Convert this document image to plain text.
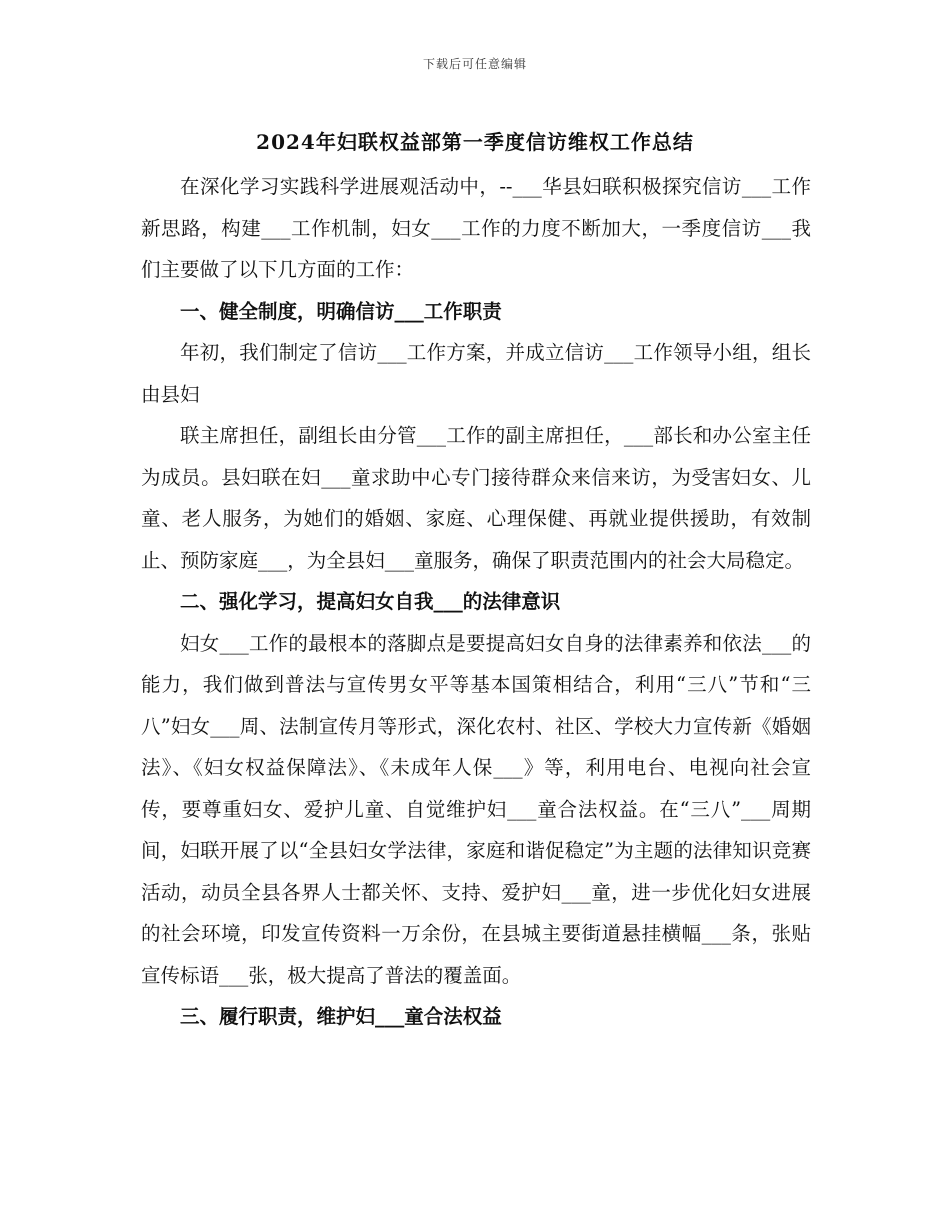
下载后可任意编辑
2024年妇联权益部第一季度信访维权工作总结

在深化学习实践科学进展观活动中，--___华县妇联积极探究信访___工作新思路，构建___工作机制，妇女___工作的力度不断加大，一季度信访___我们主要做了以下几方面的工作：

一、健全制度，明确信访___工作职责

年初，我们制定了信访___工作方案，并成立信访___工作领导小组，组长由县妇

联主席担任，副组长由分管___工作的副主席担任，___部长和办公室主任为成员。县妇联在妇___童求助中心专门接待群众来信来访，为受害妇女、儿童、老人服务，为她们的婚姻、家庭、心理保健、再就业提供援助，有效制止、预防家庭___，为全县妇___童服务，确保了职责范围内的社会大局稳定。

二、强化学习，提高妇女自我___的法律意识

妇女___工作的最根本的落脚点是要提高妇女自身的法律素养和依法___的能力，我们做到普法与宣传男女平等基本国策相结合，利用“三八”节和“三八”妇女___周、法制宣传月等形式，深化农村、社区、学校大力宣传新《婚姻法》、《妇女权益保障法》、《未成年人保___》等，利用电台、电视向社会宣传，要尊重妇女、爱护儿童、自觉维护妇___童合法权益。在“三八”___周期间，妇联开展了以“全县妇女学法律，家庭和谐促稳定”为主题的法律知识竞赛活动，动员全县各界人士都关怀、支持、爱护妇___童，进一步优化妇女进展的社会环境，印发宣传资料一万余份，在县城主要街道悬挂横幅___条，张贴宣传标语___张，极大提高了普法的覆盖面。

三、履行职责，维护妇___童合法权益
